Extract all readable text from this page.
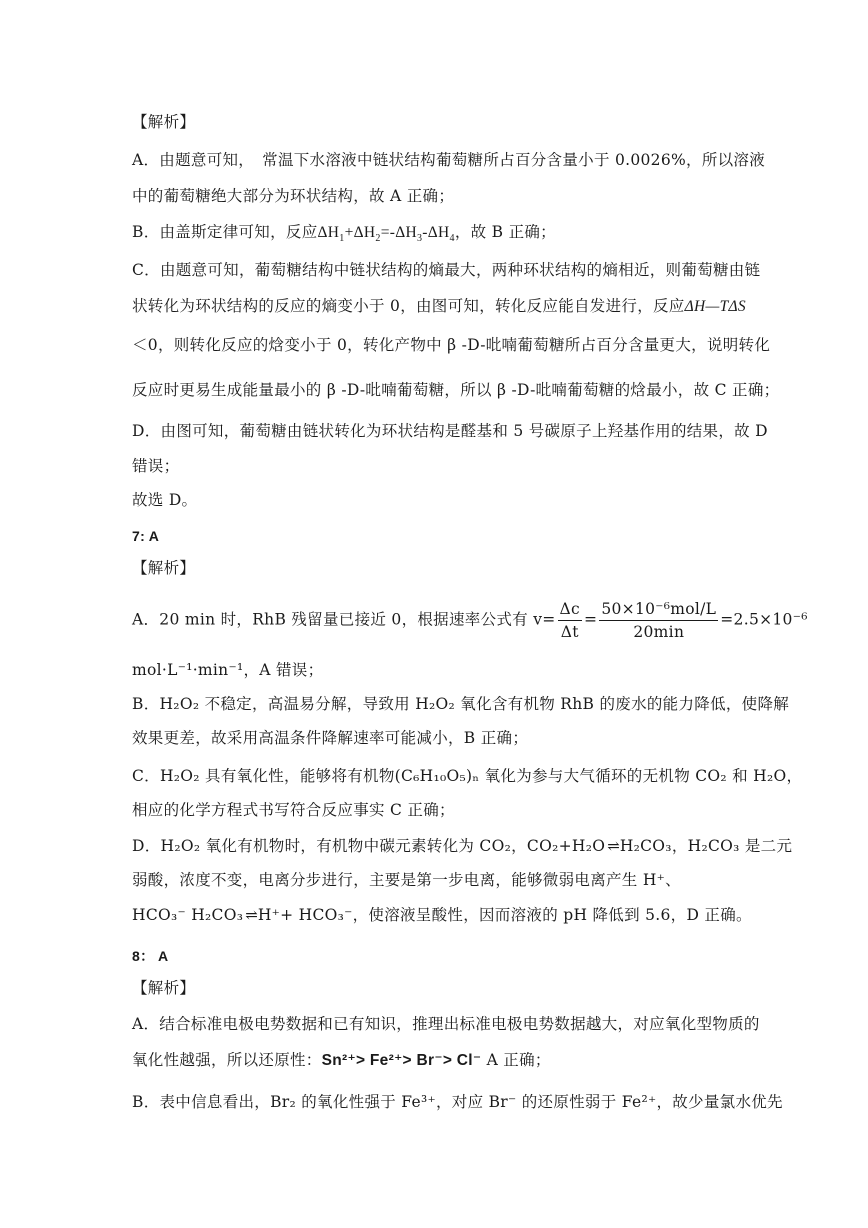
【解析】
A．由题意可知，　常温下水溶液中链状结构葡萄糖所占百分含量小于 0.0026%，所以溶液
中的葡萄糖绝大部分为环状结构，故 A 正确；
B．由盖斯定律可知，反应$\Delta H_1+\Delta H_2=-\Delta H_3-\Delta H_4$，故 B 正确；
C．由题意可知，葡萄糖结构中链状结构的熵最大，两种环状结构的熵相近，则葡萄糖由链
状转化为环状结构的反应的熵变小于 0，由图可知，转化反应能自发进行，反应ΔH—TΔS
＜0，则转化反应的焓变小于 0，转化产物中 β -D-吡喃葡萄糖所占百分含量更大，说明转化
反应时更易生成能量最小的 β -D-吡喃葡萄糖，所以 β -D-吡喃葡萄糖的焓最小，故 C 正确；
D．由图可知，葡萄糖由链状转化为环状结构是醛基和 5 号碳原子上羟基作用的结果，故 D
错误；
故选 D。
7: A
【解析】
A．20 min 时，RhB 残留量已接近 0，根据速率公式有 $v= \frac{\Delta c}{\Delta t} = \frac{\text{50×10⁻⁶mol/L}}{20\min} =2.5\times 10^{-6}$
mol·L⁻¹·min⁻¹，A 错误；
B．H₂O₂ 不稳定，高温易分解，导致用 H₂O₂ 氧化含有机物 RhB 的废水的能力降低，使降解
效果更差，故采用高温条件降解速率可能减小，B 正确；
C．H₂O₂ 具有氧化性，能够将有机物(C₆H₁₀O₅)ₙ 氧化为参与大气循环的无机物 CO₂ 和 H₂O，
相应的化学方程式书写符合反应事实 C 正确；
D．H₂O₂ 氧化有机物时，有机物中碳元素转化为 CO₂，CO₂+H₂O ⇌ H₂CO₃，H₂CO₃ 是二元
弱酸，浓度不变，电离分步进行，主要是第一步电离，能够微弱电离产生 H⁺、
HCO₃⁻ H₂CO₃ ⇌ H⁺+ HCO₃⁻，使溶液呈酸性，因而溶液的 pH 降低到 5.6，D 正确。
8： A
【解析】
A．结合标准电极电势数据和已有知识，推理出标准电极电势数据越大，对应氧化型物质的
氧化性越强，所以还原性：Sn²⁺> Fe²⁺> Br⁻> Cl⁻ A 正确；
B．表中信息看出，Br₂ 的氧化性强于 Fe³⁺，对应 Br⁻ 的还原性弱于 Fe²⁺，故少量氯水优先
